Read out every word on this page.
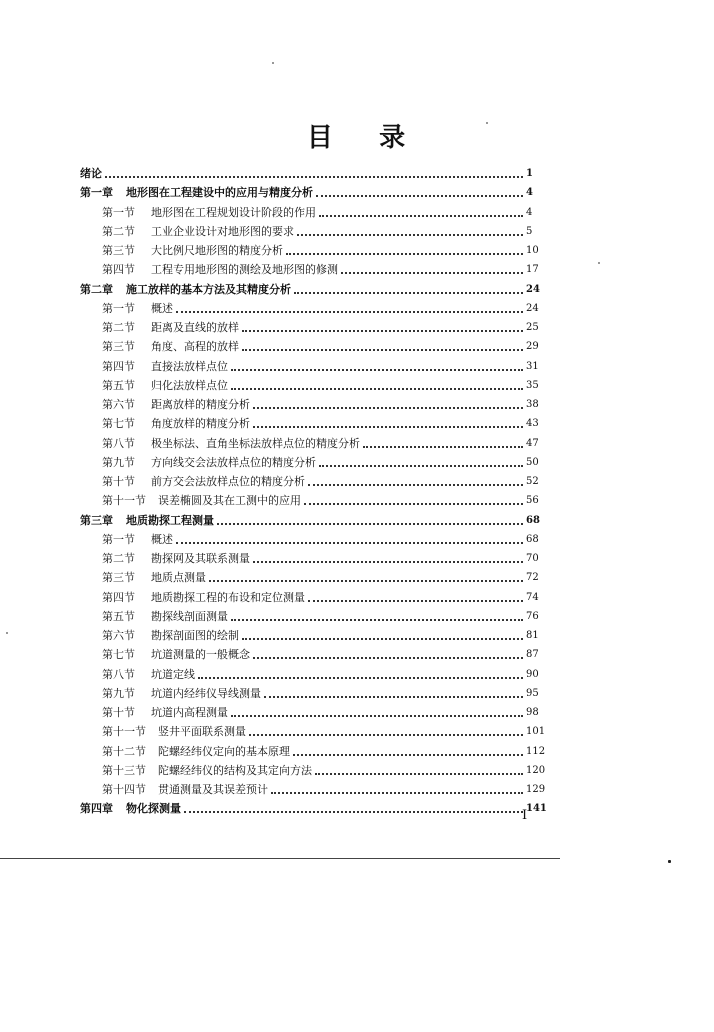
目    录
绪论	1
第一章	地形图在工程建设中的应用与精度分析	4
第一节	地形图在工程规划设计阶段的作用	4
第二节	工业企业设计对地形图的要求	5
第三节	大比例尺地形图的精度分析	10
第四节	工程专用地形图的测绘及地形图的修测	17
第二章	施工放样的基本方法及其精度分析	24
第一节	概述	24
第二节	距离及直线的放样	25
第三节	角度、高程的放样	29
第四节	直接法放样点位	31
第五节	归化法放样点位	35
第六节	距离放样的精度分析	38
第七节	角度放样的精度分析	43
第八节	极坐标法、直角坐标法放样点位的精度分析	47
第九节	方向线交会法放样点位的精度分析	50
第十节	前方交会法放样点位的精度分析	52
第十一节	误差椭圆及其在工测中的应用	56
第三章	地质勘探工程测量	68
第一节	概述	68
第二节	勘探网及其联系测量	70
第三节	地质点测量	72
第四节	地质勘探工程的布设和定位测量	74
第五节	勘探线剖面测量	76
第六节	勘探剖面图的绘制	81
第七节	坑道测量的一般概念	87
第八节	坑道定线	90
第九节	坑道内经纬仪导线测量	95
第十节	坑道内高程测量	98
第十一节	竖井平面联系测量	101
第十二节	陀螺经纬仪定向的基本原理	112
第十三节	陀螺经纬仪的结构及其定向方法	120
第十四节	贯通测量及其误差预计	129
第四章	物化探测量	141
I
